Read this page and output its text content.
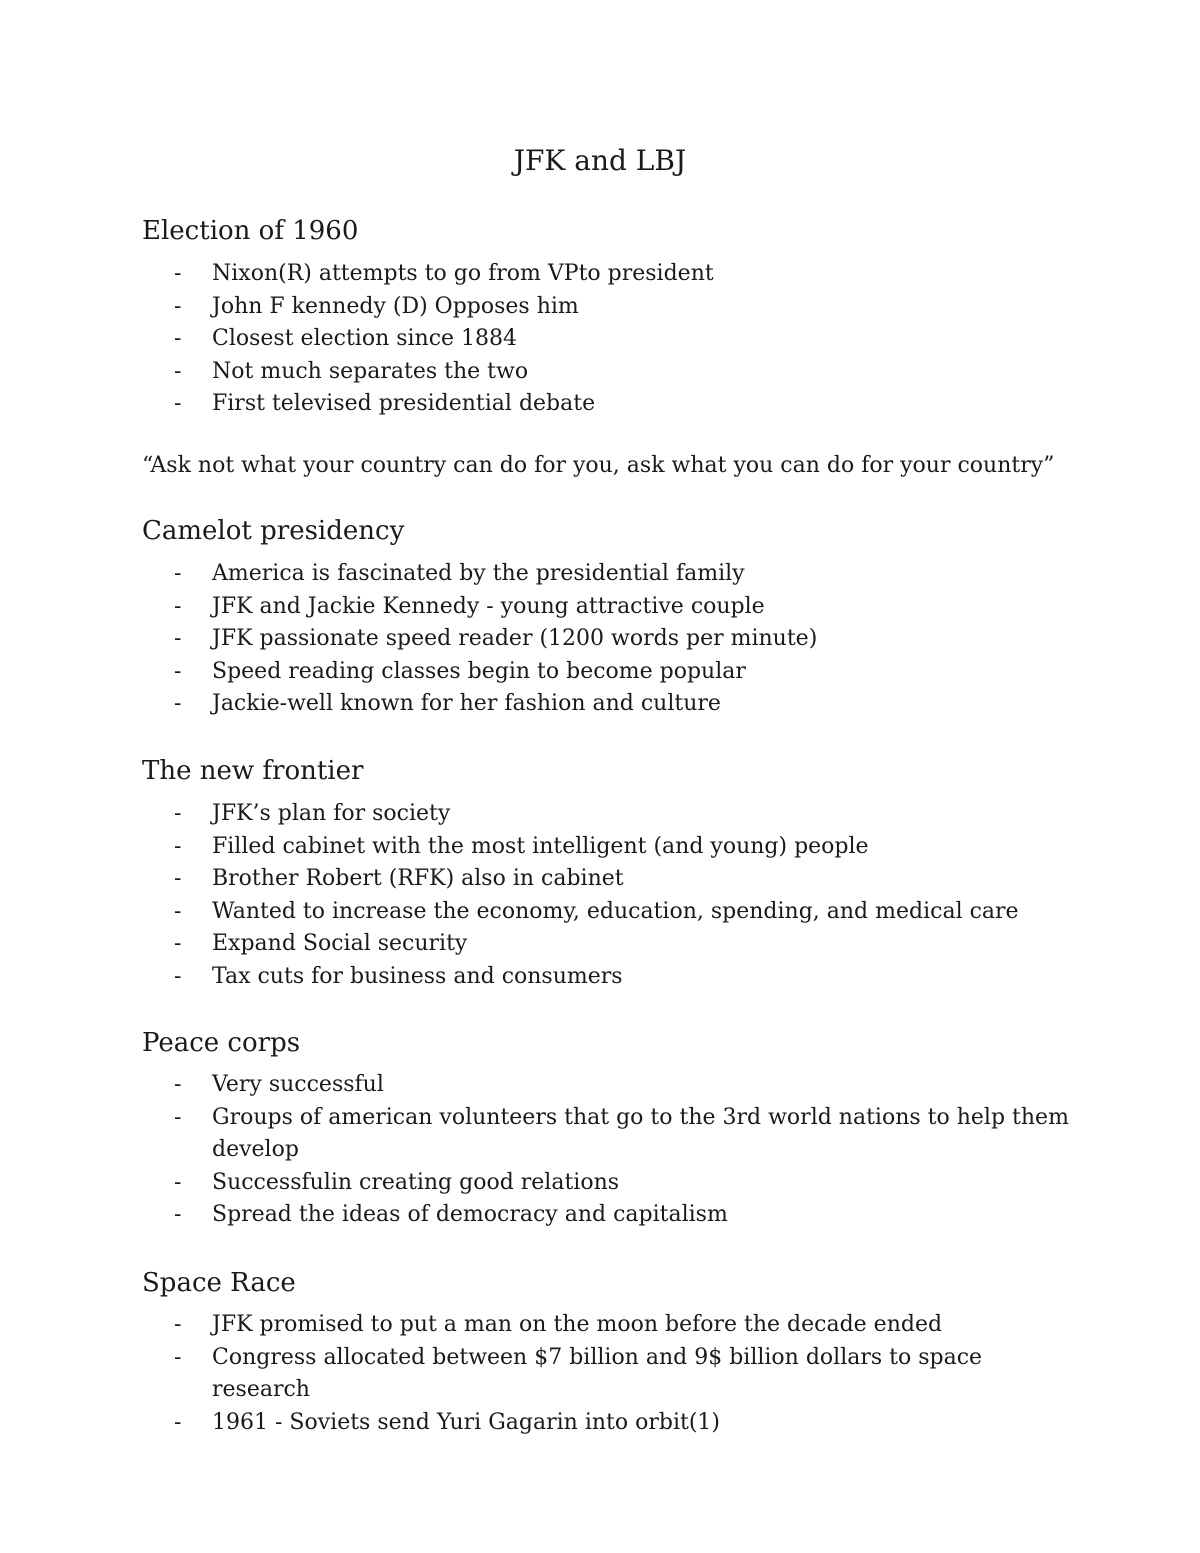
JFK and LBJ
Election of 1960
- Nixon(R) attempts to go from VPto president
- John F kennedy (D) Opposes him
- Closest election since 1884
- Not much separates the two
- First televised presidential debate

“Ask not what your country can do for you, ask what you can do for your country”

Camelot presidency
- America is fascinated by the presidential family
- JFK and Jackie Kennedy - young attractive couple
- JFK passionate speed reader (1200 words per minute)
- Speed reading classes begin to become popular
- Jackie-well known for her fashion and culture
The new frontier
- JFK’s plan for society
- Filled cabinet with the most intelligent (and young) people
- Brother Robert (RFK) also in cabinet
- Wanted to increase the economy, education, spending, and medical care
- Expand Social security
- Tax cuts for business and consumers
Peace corps
- Very successful
- Groups of american volunteers that go to the 3rd world nations to help them develop
- Successfulin creating good relations
- Spread the ideas of democracy and capitalism
Space Race
- JFK promised to put a man on the moon before the decade ended
- Congress allocated between $7 billion and 9$ billion dollars to space research
- 1961 - Soviets send Yuri Gagarin into orbit(1)
